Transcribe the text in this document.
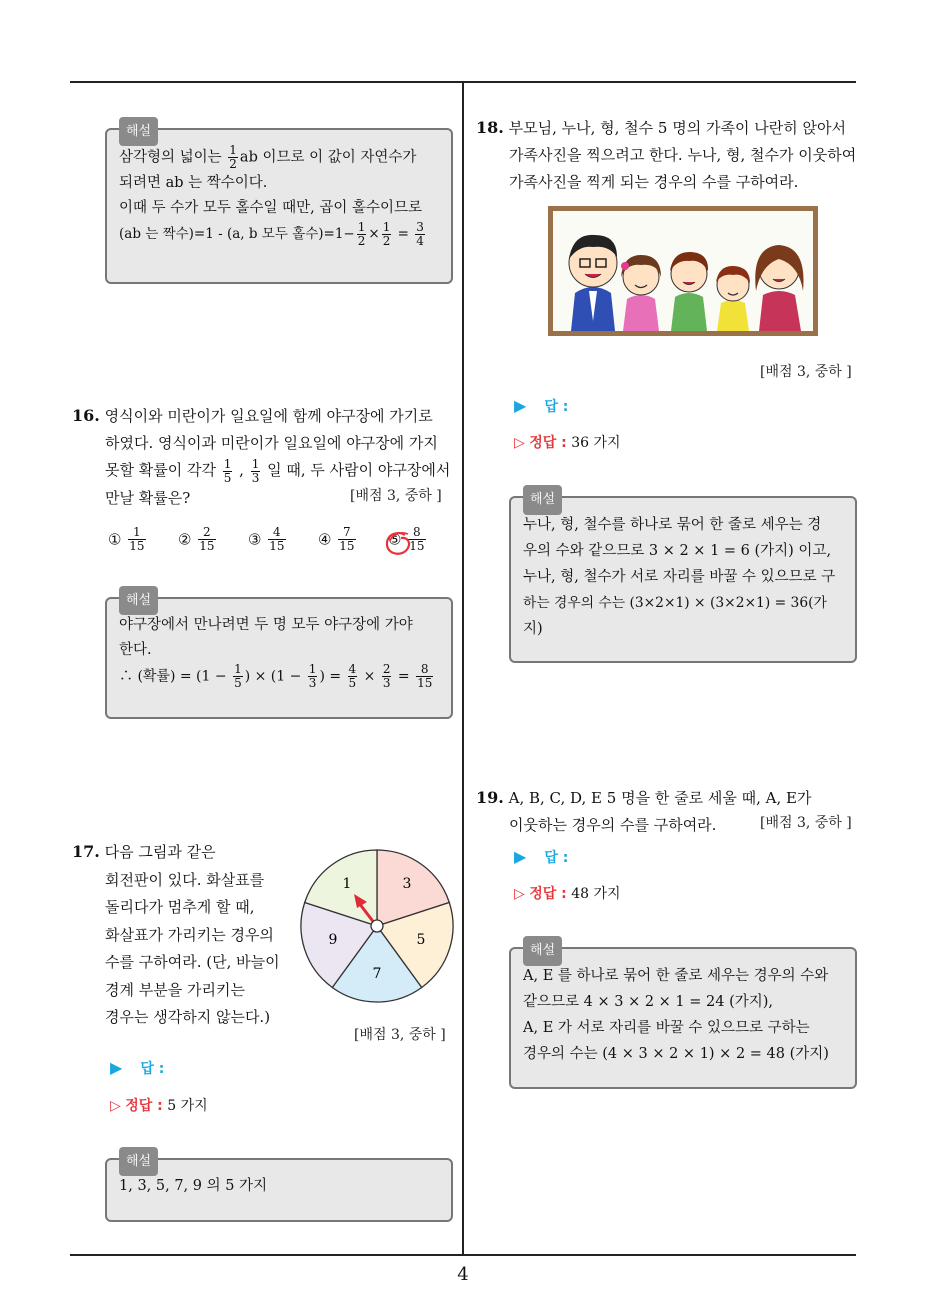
4
해설
삼각형의 넓이는 $\frac{1}{2}$ ab 이므로 이 값이 자연수가
되려면 ab 는 짝수이다.
이때 두 수가 모두 홀수일 때만, 곱이 홀수이므로
(ab 는 짝수)=1 - (a, b 모두 홀수)$=1- \frac{1}{2} \times \frac{1}{2} = \frac{3}{4}$
16. 영식이와 미란이가 일요일에 함께 야구장에 가기로
하였다. 영식이과 미란이가 일요일에 야구장에 가지
못할 확률이 각각 $\frac{1}{5}$ , $\frac{1}{3}$ 일 때, 두 사람이 야구장에서
만날 확률은?	[배점 3, 중하 ]
① $\frac{1}{15}$ ② $\frac{2}{15}$ ③ $\frac{4}{15}$ ④ $\frac{7}{15}$ ⑤ $\frac{8}{15}$
해설
야구장에서 만나려면 두 명 모두 야구장에 가야
한다.
∴ (확률) = ($1 - \frac{1}{5}$ ) × ($1 - \frac{1}{3}$ ) = $\frac{4}{5} \times \frac{2}{3} = \frac{8}{15}$
17. 다음 그림과 같은
회전판이 있다. 화살표를
돌리다가 멈추게 할 때,
화살표가 가리키는 경우의
수를 구하여라. (단, 바늘이
경계 부분을 가리키는
경우는 생각하지 않는다.)
1	3
5
7
9
[배점 3, 중하 ]
▶ 답 :
▷ 정답 : 5 가지
해설
1, 3, 5, 7, 9 의 5 가지
18. 부모님, 누나, 형, 철수 5 명의 가족이 나란히 앉아서
가족사진을 찍으려고 한다. 누나, 형, 철수가 이웃하여
가족사진을 찍게 되는 경우의 수를 구하여라.
[배점 3, 중하 ]
▶ 답 :
▷ 정답 : 36 가지
해설
누나, 형, 철수를 하나로 묶어 한 줄로 세우는 경
우의 수와 같으므로 3 × 2 × 1 = 6 (가지) 이고,
누나, 형, 철수가 서로 자리를 바꿀 수 있으므로 구
하는 경우의 수는 (3×2×1) × (3×2×1) = 36(가
지)
19. A, B, C, D, E 5 명을 한 줄로 세울 때, A, E가
이웃하는 경우의 수를 구하여라.	[배점 3, 중하 ]
▶ 답 :
▷ 정답 : 48 가지
해설
A, E 를 하나로 묶어 한 줄로 세우는 경우의 수와
같으므로 4 × 3 × 2 × 1 = 24 (가지),
A, E 가 서로 자리를 바꿀 수 있으므로 구하는
경우의 수는 (4 × 3 × 2 × 1) × 2 = 48 (가지)
